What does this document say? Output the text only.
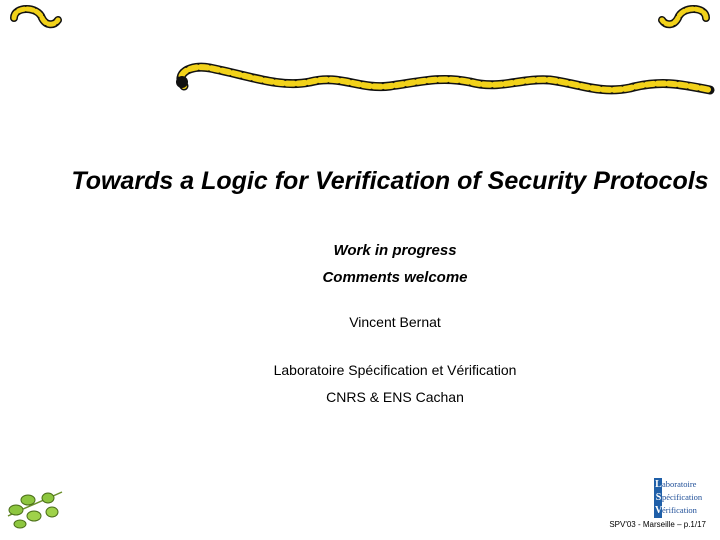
Towards a Logic for Verification of Security Protocols
Work in progress
Comments welcome
Vincent Bernat
Laboratoire Spécification et Vérification
CNRS & ENS Cachan
Laboratoire
Spécification
Vérification
SPV'03 - Marseille – p.1/17
